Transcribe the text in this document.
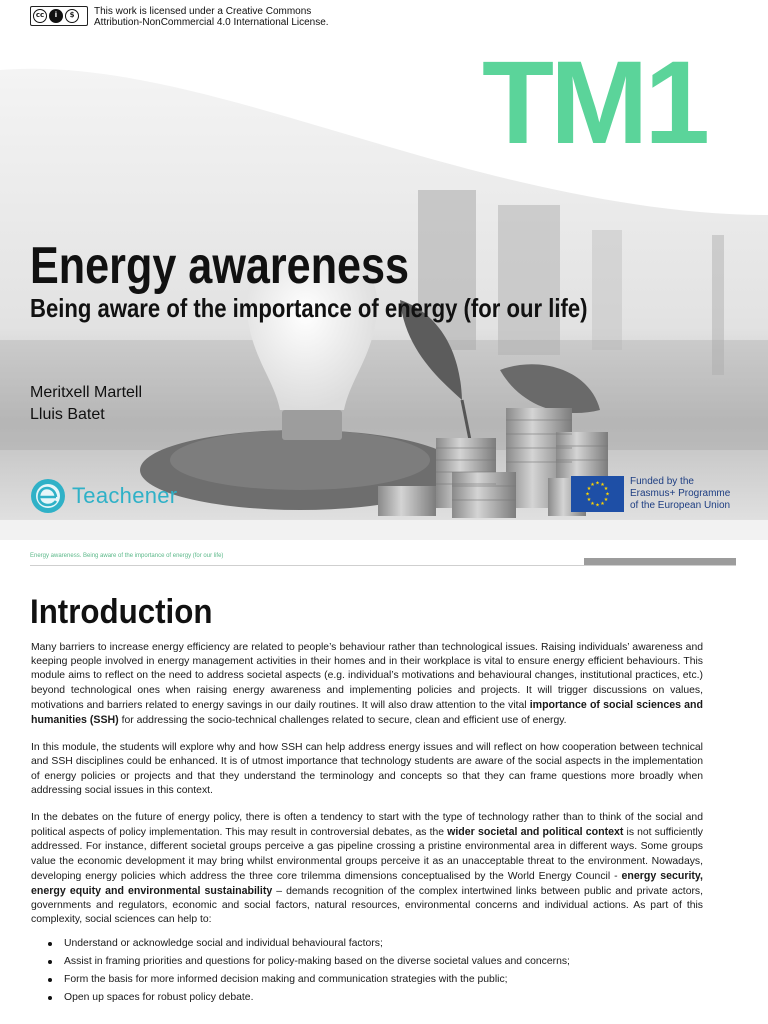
cc	i	$	This work is licensed under a Creative Commons
Attribution-NonCommercial 4.0 International License.
TM1
Energy awareness
Being aware of the importance of energy (for our life)
Meritxell Martell
Lluis Batet
Teachener	★ ★
★
★
★
★
★
★
★
★
★
★	Funded by the
Erasmus+ Programme
of the European Union
Energy awareness. Being aware of the importance of energy (for our life)
Introduction

Many barriers to increase energy efficiency are related to people’s behaviour rather than technological issues. Raising individuals’ awareness and keeping people involved in energy management activities in their homes and in their workplace is vital to ensure energy efficient behaviours. This module aims to reflect on the need to address societal aspects (e.g. individual’s motivations and behavioural changes, institutional practices, etc.) beyond technological ones when raising energy awareness and implementing policies and projects. It will trigger discussions on values, motivations and barriers related to energy savings in our daily routines. It will also draw attention to the vital importance of social sciences and humanities (SSH) for addressing the socio-technical challenges related to secure, clean and efficient use of energy.

In this module, the students will explore why and how SSH can help address energy issues and will reflect on how cooperation between technical and SSH disciplines could be enhanced. It is of utmost importance that technology students are aware of the social aspects in the implementation of energy policies or projects and that they understand the terminology and concepts so that they can frame questions more broadly when addressing social issues in this context.

In the debates on the future of energy policy, there is often a tendency to start with the type of technology rather than to think of the social and political aspects of policy implementation. This may result in controversial debates, as the wider societal and political context is not sufficiently addressed. For instance, different societal groups perceive a gas pipeline crossing a pristine environmental area in different ways. Some groups value the economic development it may bring whilst environmental groups perceive it as an unacceptable threat to the environment. Nowadays, developing energy policies which address the three core trilemma dimensions conceptualised by the World Energy Council - energy security, energy equity and environmental sustainability – demands recognition of the complex intertwined links between public and private actors, governments and regulators, economic and social factors, natural resources, environmental concerns and individual actions. As part of this complexity, social sciences can help to:

Understand or acknowledge social and individual behavioural factors;
Assist in framing priorities and questions for policy-making based on the diverse societal values and concerns;
Form the basis for more informed decision making and communication strategies with the public;
Open up spaces for robust policy debate.
